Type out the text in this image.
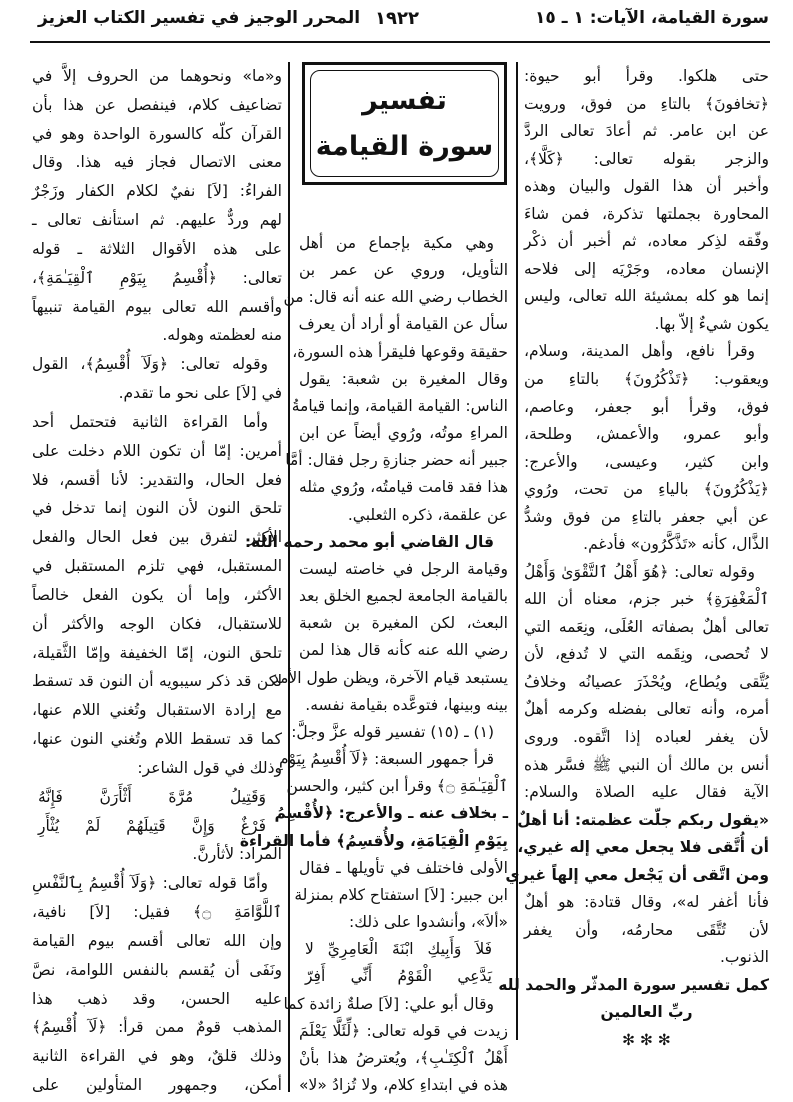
سورة القيامة، الآيات: ١ ـ ١٥
١٩٢٢
المحرر الوجيز في تفسير الكتاب العزيز
تفسير
سورة القيامة
حتى هلكوا. وقرأ أبو حيوة:
﴿تخافونَ﴾ بالتاءِ من فوق، ورويت
عن ابن عامر. ثم أعادَ تعالى الردَّ
والزجر بقوله تعالى: ﴿كَلَّا﴾،
وأخبر أن هذا القول والبيان وهذه
المحاورة بجملتها تذكرة، فمن شاءَ
وفّقه لذِكر معاده، ثم أخبر أن ذكْر
الإنسان معاده، وجَرْيَه إلى فلاحه
إنما هو كله بمشيئة الله تعالى، وليس
يكون شيءٌ إلاّ بها.
وقرأ نافع، وأهل المدينة، وسلام،
ويعقوب: ﴿تَذْكُرُونَ﴾ بالتاءِ من
فوق، وقرأ أبو جعفر، وعاصم،
وأبو عمرو، والأعمش، وطلحة،
وابن كثير، وعيسى، والأعرج:
﴿يَذْكُرُونَ﴾ بالياءِ من تحت، ورُوي
عن أبي جعفر بالتاءِ من فوق وشدُّ
الذَّال، كأنه «تَذَّكَّرُون» فأدغم.
وقوله تعالى: ﴿هُوَ أَهْلُ ٱلتَّقْوَىٰ وَأَهْلُ
ٱلْمَغْفِرَةِ﴾ خبر جزم، معناه أن الله
تعالى أهلٌ بصفاته العُلَى، ونِعَمه التي
لا تُحصى، ونِقَمه التي لا تُدفع، لأن
يُتَّقى ويُطاع، ويُحْذَرَ عصيانُه وخلافُ
أمره، وأنه تعالى بفضله وكرمه أهلٌ
لأن يغفر لعباده إذا اتَّقوه. وروى
أنس بن مالك أن النبي ﷺ فسَّر هذه
الآية فقال عليه الصلاة والسلام:
«يقول ربكم جلّت عظمته: أنا أهلٌ
أن أُتَّقى فلا يجعل معي إله غيري،
ومن اتَّقى أن يَجْعل معي إلهاً غيري
فأنا أغفر له»، وقال قتادة: هو أهلٌ
لأن تُتَّقَى محارمُه، وأن يغفر
الذنوب.
كمل تفسير سورة المدثّر والحمد لله
ربِّ العالمين
✻ ✻ ✻
وهي مكية بإجماع من أهل
التأويل، وروي عن عمر بن
الخطاب رضي الله عنه أنه قال: من
سأل عن القيامة أو أراد أن يعرف
حقيقة وقوعها فليقرأ هذه السورة،
وقال المغيرة بن شعبة: يقول
الناس: القيامة القيامة، وإنما قيامةُ
المراءِ موتُه، ورُوي أيضاً عن ابن
جبير أنه حضر جنازةِ رجل فقال: أمَّا
هذا فقد قامت قيامتُه، ورُوي مثله
عن علقمة، ذكره الثعلبي.
قال القاضي أبو محمد رحمه الله:
وقيامة الرجل في خاصته ليست
بالقيامة الجامعة لجميع الخلق بعد
البعث، لكن المغيرة بن شعبة
رضي الله عنه كأنه قال هذا لمن
يستبعد قيام الآخرة، ويظن طول الأمد
بينه وبينها، فتوعَّده بقيامة نفسه.
(١) ـ (١٥) تفسير قوله عزَّ وجلَّ:
قرأ جمهور السبعة: ﴿لَآ أُقْسِمُ بِيَوْمِ
ٱلْقِيَـٰمَةِ ۝﴾ وقرأ ابن كثير، والحسن
ـ بخلاف عنه ـ والأعرج: ﴿لأُقْسِمُ
بِيَوْمِ الْقِيَامَةِ، ولأُقسِمُ﴾ فأما القراءة
الأولى فاختلف في تأويلها ـ فقال
ابن جبير: [لاَ] استفتاح كلام بمنزلة
«ألاَ»، وأنشدوا على ذلك:
فَلاَ وَأَبِيكِ ابْنَةَ الْعَامِرِيِّ لا
يَدَّعِي الْقَوْمُ أَنِّي أَفِرّ
وقال أبو علي: [لاَ] صلةٌ زائدة كما
زيدت في قوله تعالى: ﴿لِّئَلَّا يَعْلَمَ
أَهْلُ ٱلْكِتَـٰبِ﴾، ويُعترضُ هذا بأنْ
هذه في ابتداءِ كلام، ولا تُزادُ «لا»
و«ما» ونحوهما من الحروف إلاَّ في
تضاعيف كلام، فينفصل عن هذا بأن
القرآن كلّه كالسورة الواحدة وهو في
معنى الاتصال فجاز فيه هذا. وقال
الفراءُ: [لاَ] نفيٌ لكلام الكفار وزَجْرٌ
لهم وردٌّ عليهم. ثم استأنف تعالى ـ
على هذه الأقوال الثلاثة ـ قوله
تعالى: ﴿أُقْسِمُ بِيَوْمِ ٱلْقِيَـٰمَةِ﴾،
وأقسم الله تعالى بيوم القيامة تنبيهاً
منه لعظمته وهوله.
وقوله تعالى: ﴿وَلَآ أُقْسِمُ﴾، القول
في [لاَ] على نحو ما تقدم.
وأما القراءة الثانية فتحتمل أحد
أمرين: إمّا أن تكون اللام دخلت على
فعل الحال، والتقدير: لأنا أقسم، فلا
تلحق النون لأن النون إنما تدخل في
الأكثر لتفرق بين فعل الحال والفعل
المستقبل، فهي تلزم المستقبل في
الأكثر، وإما أن يكون الفعل خالصاً
للاستقبال، فكان الوجه والأكثر أن
تلحق النون، إمّا الخفيفة وإمّا الثَّقيلة،
لكن قد ذكر سيبويه أن النون قد تسقط
مع إرادة الاستقبال وتُغني اللام عنها،
كما قد تسقط اللام وتُغني النون عنها،
وذلك في قول الشاعر:
وَقَتِيلُ مُرَّةَ أَثْأَرَنَّ فَإِنَّهُ
فَرْغٌ وَإِنَّ قَتِيلَهُمْ لَمْ يُثْأَرِ
المراد: لأثأرنَّ.
وأمّا قوله تعالى: ﴿وَلَآ أُقْسِمُ بِٱلنَّفْسِ
ٱللَّوَّامَةِ ۝﴾ فقيل: [لاَ] نافية،
وإن الله تعالى أقسم بيوم القيامة
ونَفَى أن يُقسم بالنفس اللوامة، نصَّ
عليه الحسن، وقد ذهب هذا
المذهب قومٌ ممن قرأ: ﴿لَآ أُقْسِمُ﴾
وذلك قلقٌ، وهو في القراءة الثانية
أمكن، وجمهور المتأولين على
